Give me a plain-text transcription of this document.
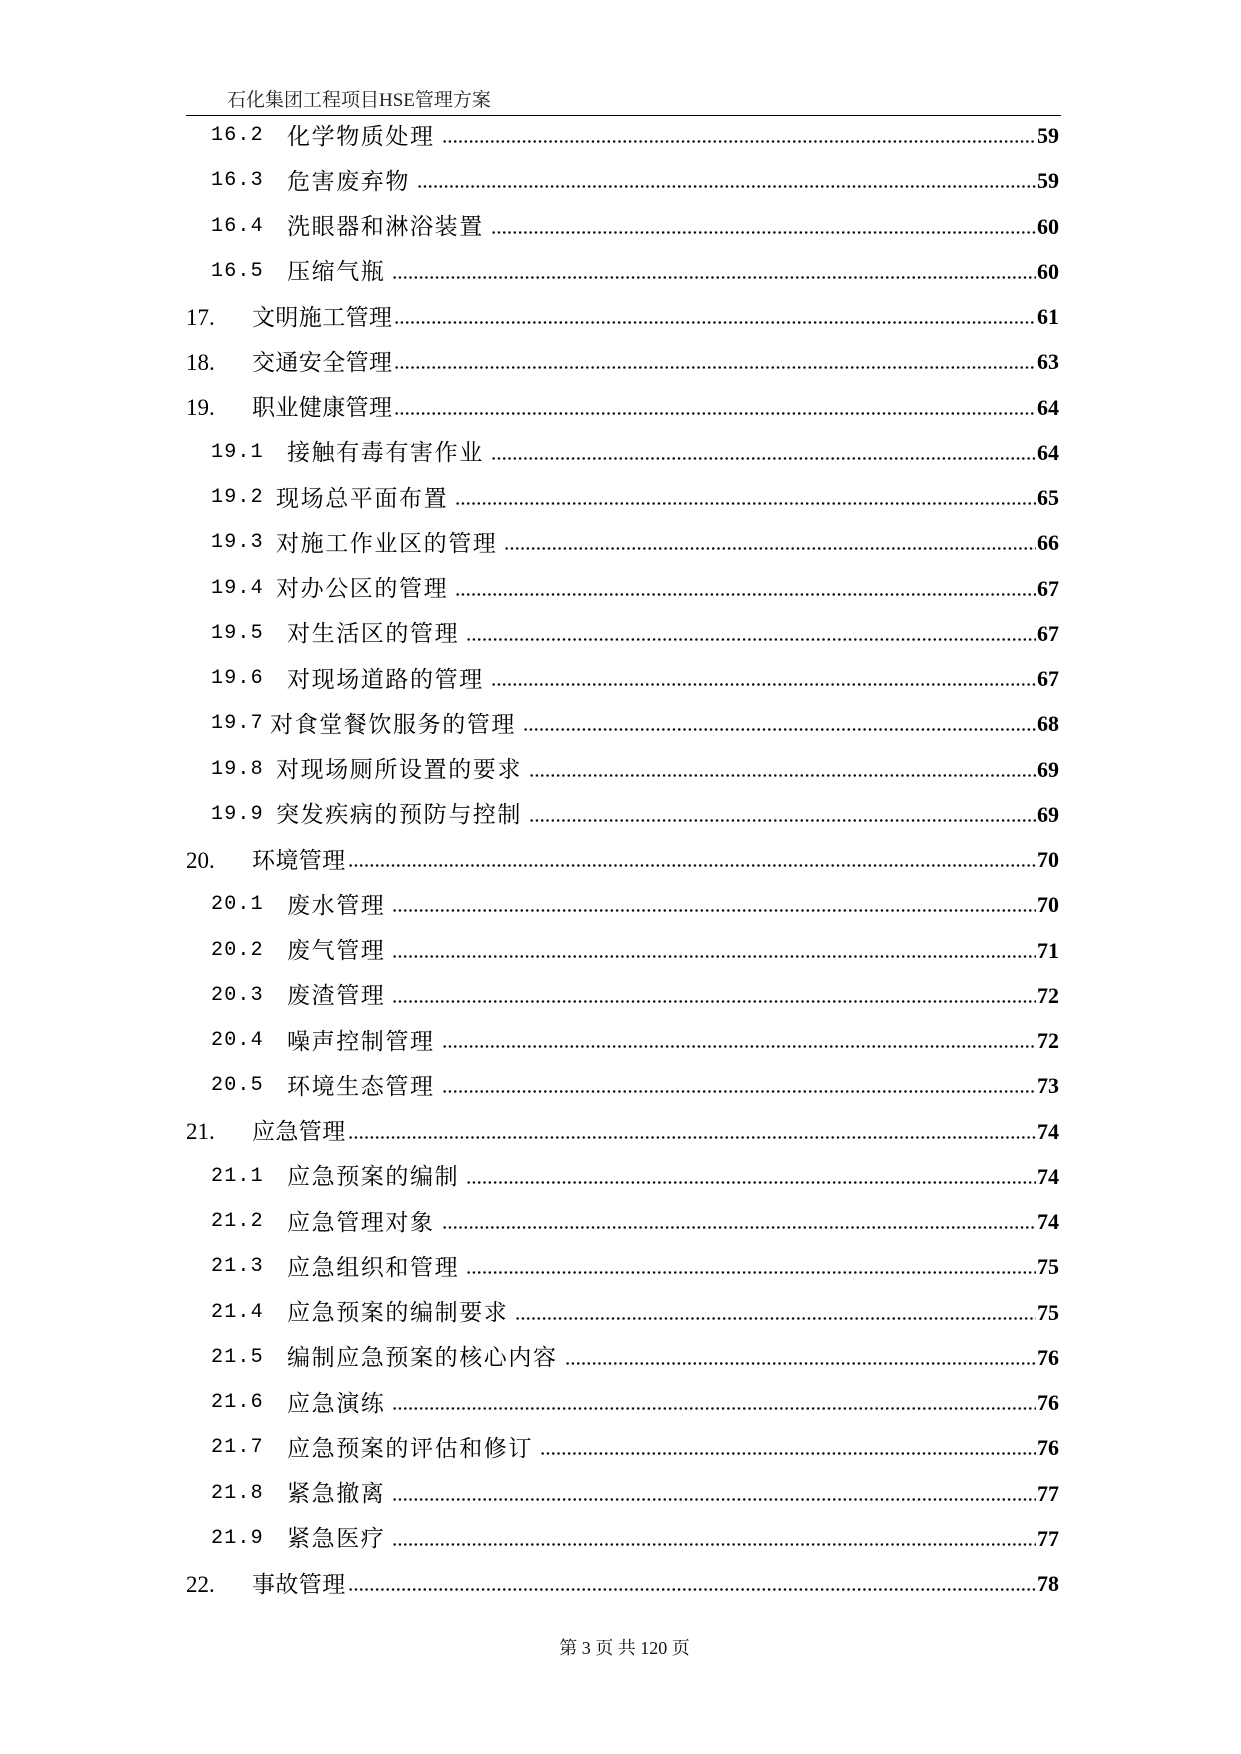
石化集团工程项目HSE管理方案
16.2	化学物质处理	59
16.3	危害废弃物	59
16.4	洗眼器和淋浴装置	60
16.5	压缩气瓶	60
17.	文明施工管理	61
18.	交通安全管理	63
19.	职业健康管理	64
19.1	接触有毒有害作业	64
19.2 现场总平面布置	65
19.3 对施工作业区的管理	66
19.4 对办公区的管理	67
19.5	对生活区的管理	67
19.6	对现场道路的管理	67
19.7 对食堂餐饮服务的管理	68
19.8 对现场厕所设置的要求	69
19.9 突发疾病的预防与控制	69
20.	环境管理	70
20.1	废水管理	70
20.2	废气管理	71
20.3	废渣管理	72
20.4	噪声控制管理	72
20.5	环境生态管理	73
21.	应急管理	74
21.1	应急预案的编制	74
21.2	应急管理对象	74
21.3	应急组织和管理	75
21.4	应急预案的编制要求	75
21.5	编制应急预案的核心内容	76
21.6	应急演练	76
21.7	应急预案的评估和修订	76
21.8	紧急撤离	77
21.9	紧急医疗	77
22.	事故管理	78
第 3 页 共 120 页
